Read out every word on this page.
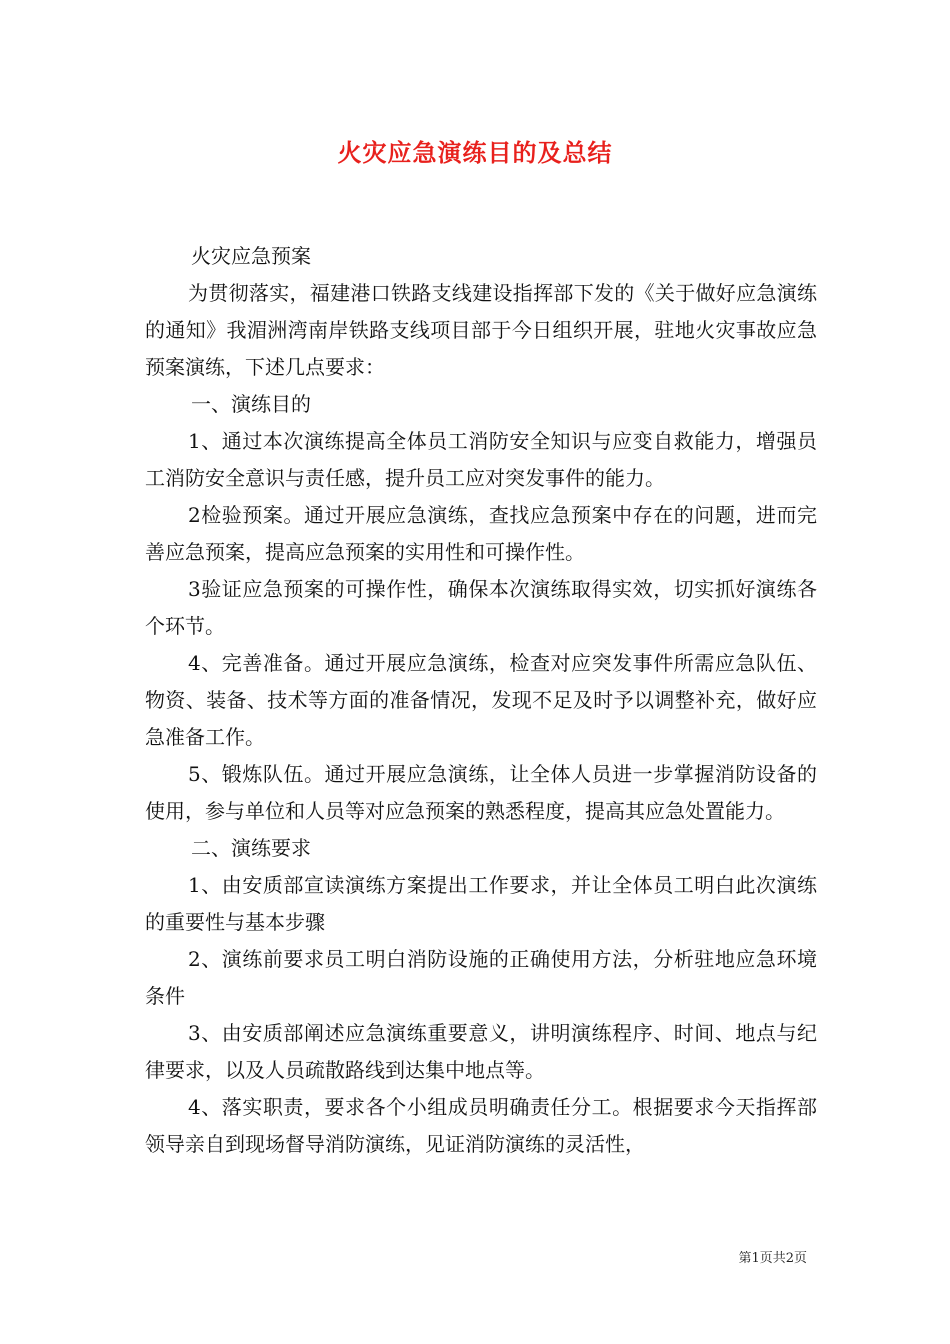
火灾应急演练目的及总结

火灾应急预案

为贯彻落实，福建港口铁路支线建设指挥部下发的《关于做好应急演练的通知》我湄洲湾南岸铁路支线项目部于今日组织开展，驻地火灾事故应急预案演练，下述几点要求：

一、演练目的

1、通过本次演练提高全体员工消防安全知识与应变自救能力，增强员工消防安全意识与责任感，提升员工应对突发事件的能力。

2检验预案。通过开展应急演练，查找应急预案中存在的问题，进而完善应急预案，提高应急预案的实用性和可操作性。

3验证应急预案的可操作性，确保本次演练取得实效，切实抓好演练各个环节。

4、完善准备。通过开展应急演练，检查对应突发事件所需应急队伍、物资、装备、技术等方面的准备情况，发现不足及时予以调整补充，做好应急准备工作。

5、锻炼队伍。通过开展应急演练，让全体人员进一步掌握消防设备的使用，参与单位和人员等对应急预案的熟悉程度，提高其应急处置能力。

二、演练要求

1、由安质部宣读演练方案提出工作要求，并让全体员工明白此次演练的重要性与基本步骤

2、演练前要求员工明白消防设施的正确使用方法，分析驻地应急环境条件

3、由安质部阐述应急演练重要意义，讲明演练程序、时间、地点与纪律要求，以及人员疏散路线到达集中地点等。

4、落实职责，要求各个小组成员明确责任分工。根据要求今天指挥部领导亲自到现场督导消防演练，见证消防演练的灵活性，

第1页共2页
